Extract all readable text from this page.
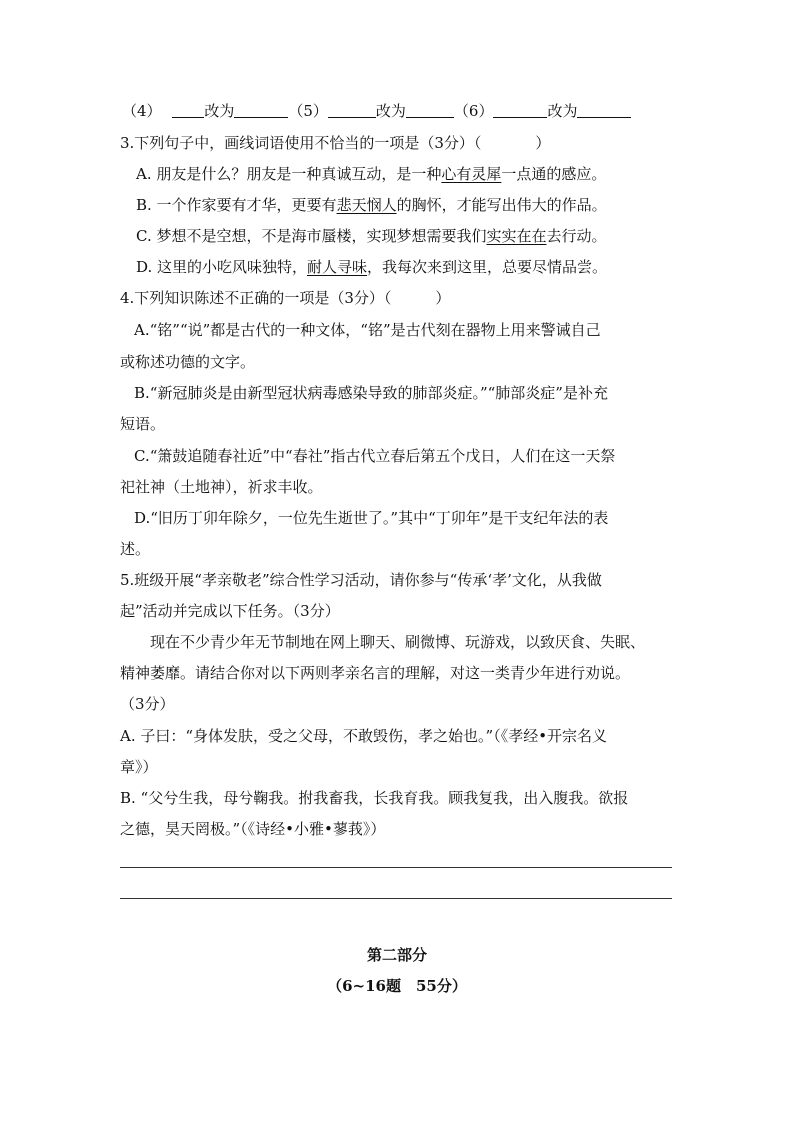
（4）	改为	（5）	改为	（6）	改为
3.下列句子中，画线词语使用不恰当的一项是（3分）（	）
A. 朋友是什么？朋友是一种真诚互动，是一种心有灵犀一点通的感应。
B. 一个作家要有才华，更要有悲天悯人的胸怀，才能写出伟大的作品。
C. 梦想不是空想，不是海市蜃楼，实现梦想需要我们实实在在去行动。
D. 这里的小吃风味独特，耐人寻味，我每次来到这里，总要尽情品尝。
4.下列知识陈述不正确的一项是（3分）（	）
A.“铭”“说”都是古代的一种文体，“铭”是古代刻在器物上用来警诫自己
或称述功德的文字。
B.“新冠肺炎是由新型冠状病毒感染导致的肺部炎症。”“肺部炎症”是补充
短语。
C.“箫鼓追随春社近”中“春社”指古代立春后第五个戊日，人们在这一天祭
祀社神（土地神），祈求丰收。
D.“旧历丁卯年除夕，一位先生逝世了。”其中“丁卯年”是干支纪年法的表
述。
5.班级开展“孝亲敬老”综合性学习活动，请你参与“传承‘孝’文化，从我做
起”活动并完成以下任务。（3分）
现在不少青少年无节制地在网上聊天、刷微博、玩游戏，以致厌食、失眠、
精神萎靡。请结合你对以下两则孝亲名言的理解，对这一类青少年进行劝说。
（3分）
A. 子曰：“身体发肤，受之父母，不敢毁伤，孝之始也。”（《孝经•开宗名义
章》）
B. “父兮生我，母兮鞠我。拊我畜我，长我育我。顾我复我，出入腹我。欲报
之德，昊天罔极。”（《诗经•小雅•蓼莪》）
第二部分
（6~16题　55分）
